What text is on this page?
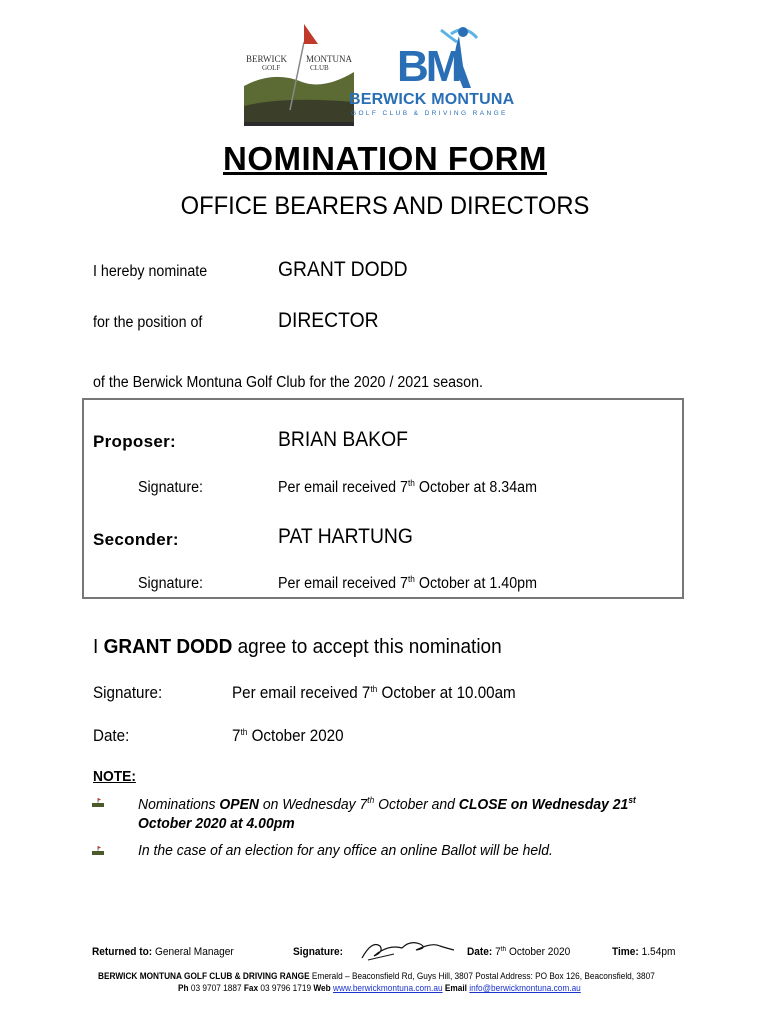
BERWICK MONTUNA
GOLF	CLUB BM
BERWICK MONTUNA
GOLF CLUB & DRIVING RANGE
NOMINATION FORM
OFFICE BEARERS AND DIRECTORS
I hereby nominate	GRANT DODD
for the position of	DIRECTOR
of the Berwick Montuna Golf Club for the 2020 / 2021 season.
Proposer:	BRIAN BAKOF
Signature:	Per email received 7th October at 8.34am
Seconder:	PAT HARTUNG
Signature:	Per email received 7th October at 1.40pm
I GRANT DODD agree to accept this nomination
Signature:	Per email received 7th October at 10.00am
Date:	7th October 2020
NOTE:
Nominations OPEN on Wednesday 7th October and CLOSE on Wednesday 21st
October 2020 at 4.00pm
In the case of an election for any office an online Ballot will be held.
Returned to: General Manager	Signature:	Date: 7th October 2020	Time: 1.54pm
BERWICK MONTUNA GOLF CLUB & DRIVING RANGE Emerald – Beaconsfield Rd, Guys Hill, 3807 Postal Address: PO Box 126, Beaconsfield, 3807
Ph 03 9707 1887 Fax 03 9796 1719 Web www.berwickmontuna.com.au Email info@berwickmontuna.com.au
